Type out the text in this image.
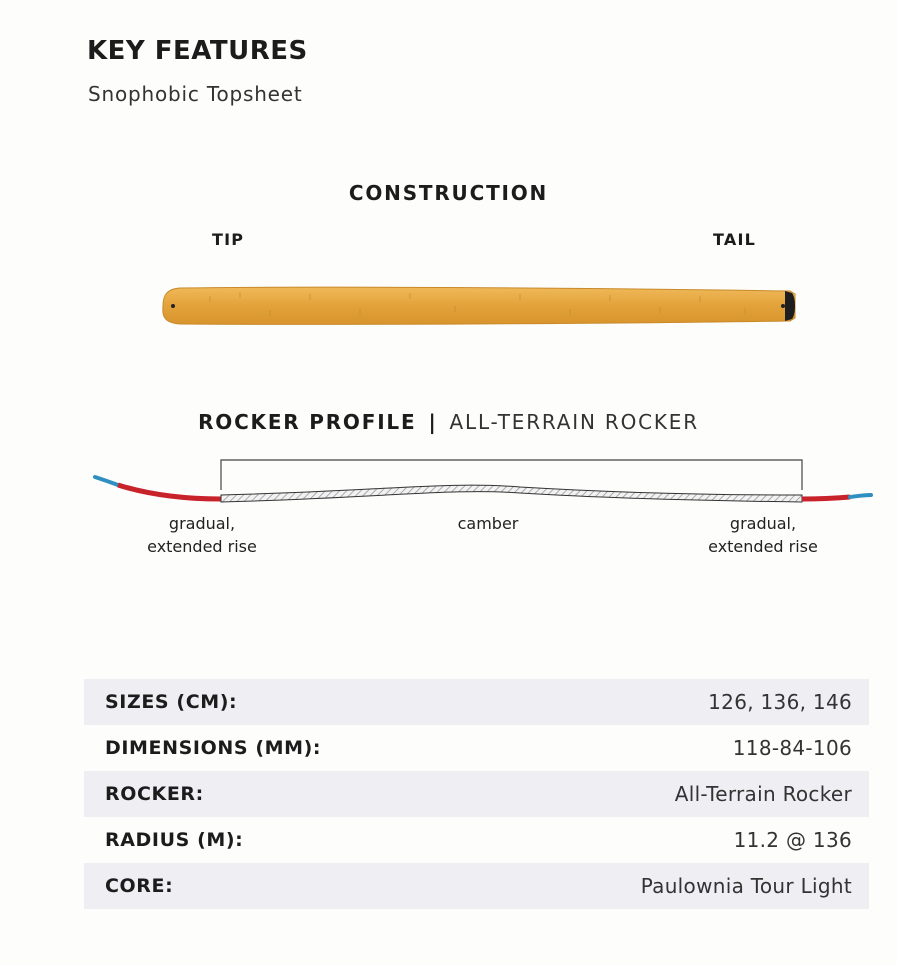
KEY FEATURES
Snophobic Topsheet
CONSTRUCTION
TIP	TAIL
ROCKER PROFILE | ALL-TERRAIN ROCKER
gradual,
extended rise
camber	gradual,
extended rise
SIZES (CM):	126, 136, 146
DIMENSIONS (MM):	118-84-106
ROCKER:	All-Terrain Rocker
RADIUS (M):	11.2 @ 136
CORE:	Paulownia Tour Light
